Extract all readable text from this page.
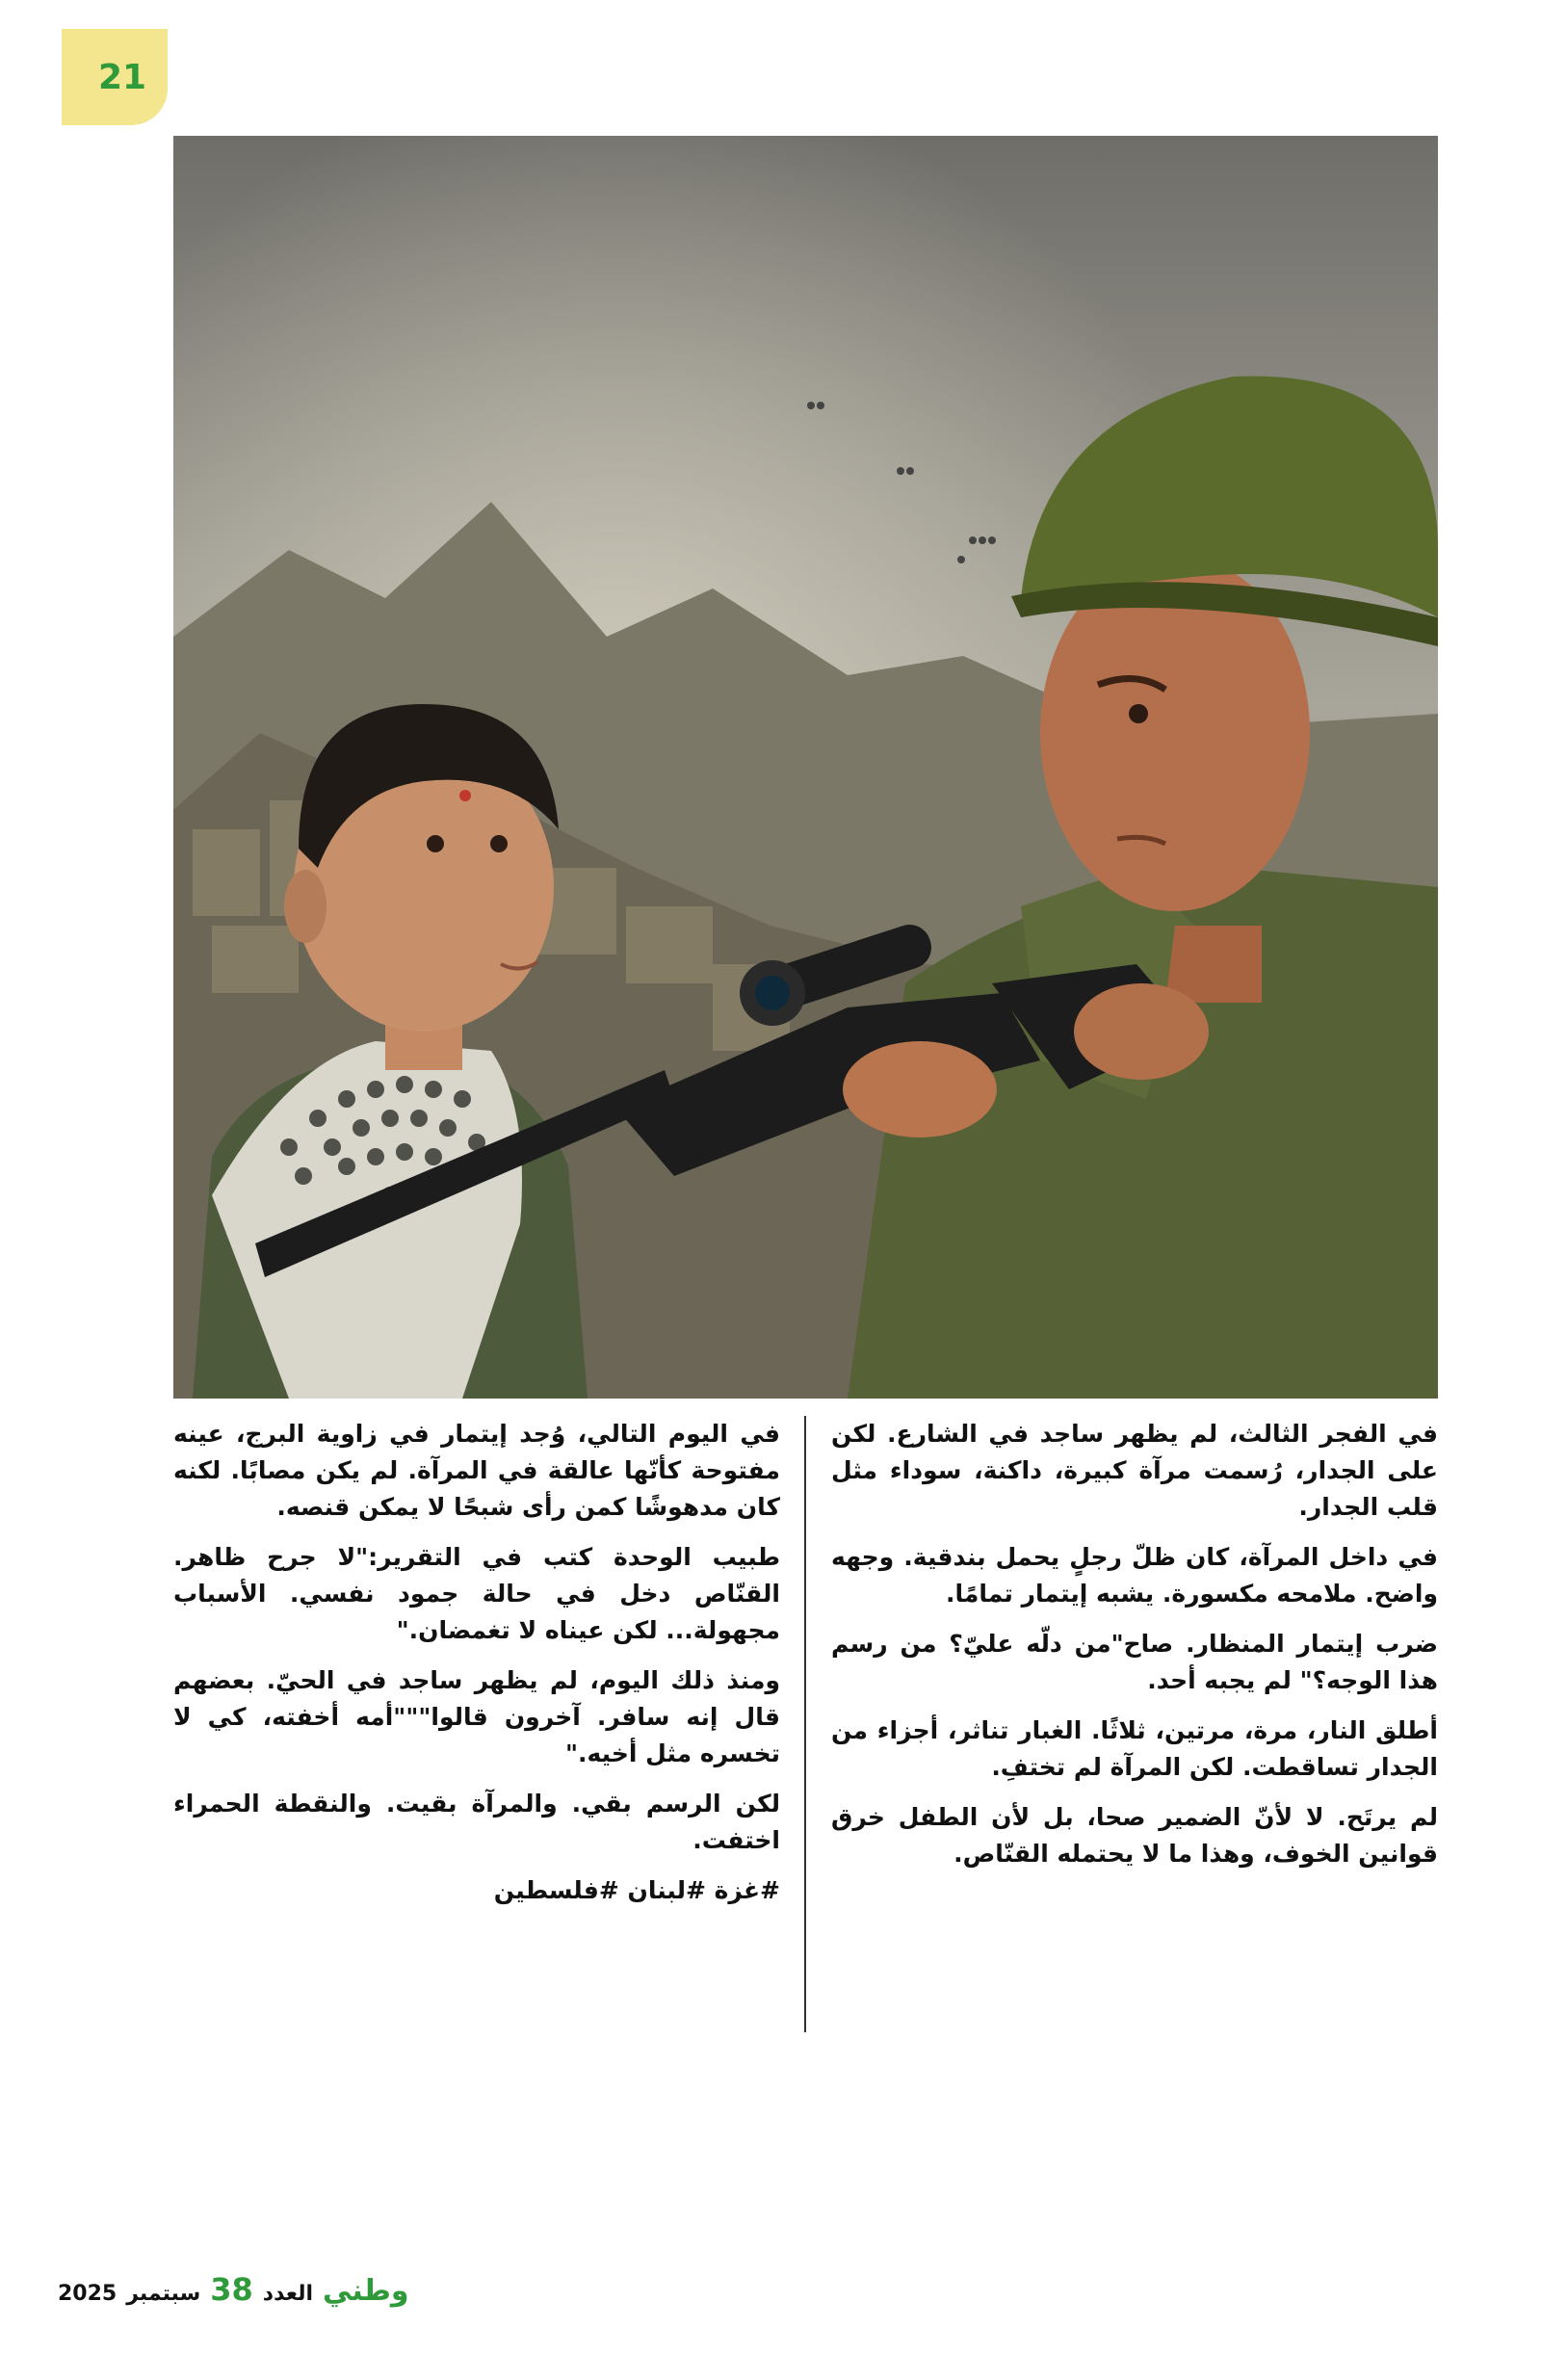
21

في الفجر الثالث، لم يظهر ساجد في الشارع. لكن على الجدار، رُسمت مرآة كبيرة، داكنة، سوداء مثل قلب الجدار.

في داخل المرآة، كان ظلّ رجلٍ يحمل بندقية. وجهه واضح. ملامحه مكسورة. يشبه إيتمار تمامًا.

ضرب إيتمار المنظار. صاح"من دلّه عليّ؟ من رسم هذا الوجه؟" لم يجبه أحد.

أطلق النار، مرة، مرتين، ثلاثًا. الغبار تناثر، أجزاء من الجدار تساقطت. لكن المرآة لم تختفِ.

لم يرتَح. لا لأنّ الضمير صحا، بل لأن الطفل خرق قوانين الخوف، وهذا ما لا يحتمله القنّاص.

في اليوم التالي، وُجد إيتمار في زاوية البرج، عينه مفتوحة كأنّها عالقة في المرآة. لم يكن مصابًا. لكنه كان مدهوشًا كمن رأى شبحًا لا يمكن قنصه.

طبيب الوحدة كتب في التقرير:"لا جرح ظاهر. القنّاص دخل في حالة جمود نفسي. الأسباب مجهولة... لكن عيناه لا تغمضان."

ومنذ ذلك اليوم، لم يظهر ساجد في الحيّ. بعضهم قال إنه سافر. آخرون قالوا"""أمه أخفته، كي لا تخسره مثل أخيه."

لكن الرسم بقي. والمرآة بقيت. والنقطة الحمراء اختفت.

#غزة #لبنان #فلسطين

وطني
العدد
38
سبتمبر
2025
